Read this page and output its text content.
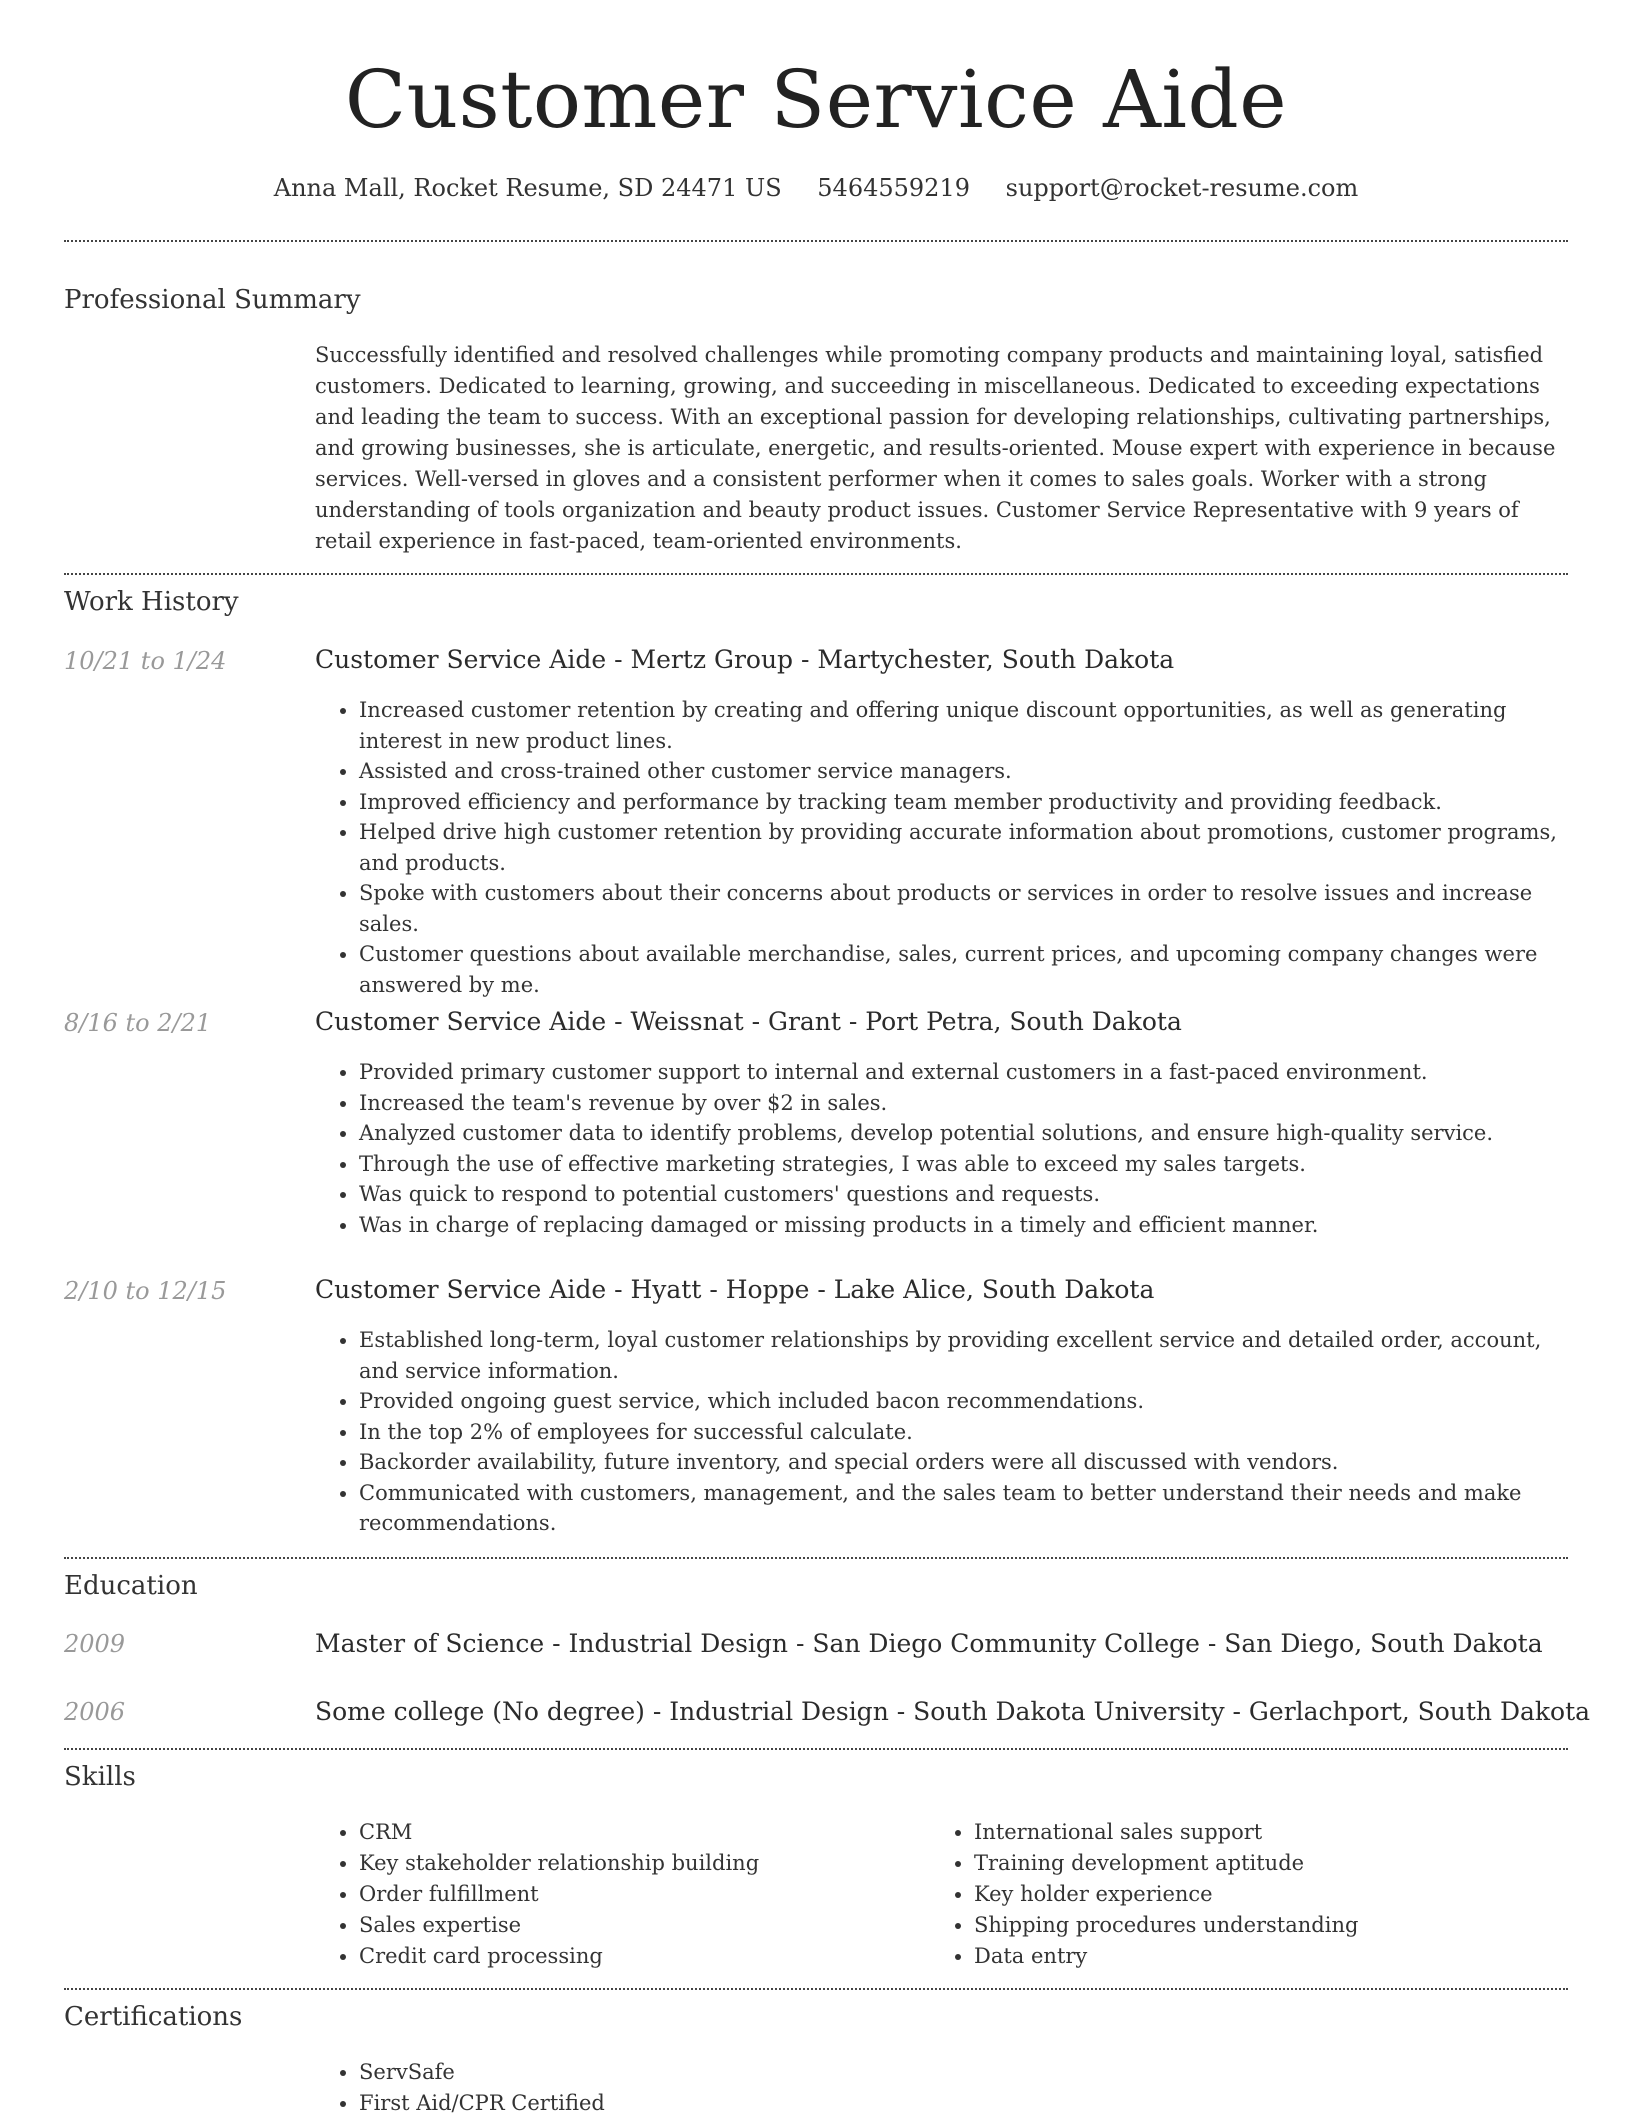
Customer Service Aide
Anna Mall, Rocket Resume, SD 24471 US 5464559219 support@rocket-resume.com
Professional Summary

Successfully identified and resolved challenges while promoting company products and maintaining loyal, satisfied customers. Dedicated to learning, growing, and succeeding in miscellaneous. Dedicated to exceeding expectations and leading the team to success. With an exceptional passion for developing relationships, cultivating partnerships, and growing businesses, she is articulate, energetic, and results-oriented. Mouse expert with experience in because services. Well-versed in gloves and a consistent performer when it comes to sales goals. Worker with a strong understanding of tools organization and beauty product issues. Customer Service Representative with 9 years of retail experience in fast-paced, team-oriented environments.

Work History
10/21 to 1/24	Customer Service Aide - Mertz Group - Martychester, South Dakota
• Increased customer retention by creating and offering unique discount opportunities, as well as generating interest in new product lines.
• Assisted and cross-trained other customer service managers.
• Improved efficiency and performance by tracking team member productivity and providing feedback.
• Helped drive high customer retention by providing accurate information about promotions, customer programs, and products.
• Spoke with customers about their concerns about products or services in order to resolve issues and increase sales.
• Customer questions about available merchandise, sales, current prices, and upcoming company changes were answered by me.
8/16 to 2/21	Customer Service Aide - Weissnat - Grant - Port Petra, South Dakota
• Provided primary customer support to internal and external customers in a fast-paced environment.
• Increased the team's revenue by over $2 in sales.
• Analyzed customer data to identify problems, develop potential solutions, and ensure high-quality service.
• Through the use of effective marketing strategies, I was able to exceed my sales targets.
• Was quick to respond to potential customers' questions and requests.
• Was in charge of replacing damaged or missing products in a timely and efficient manner.
2/10 to 12/15	Customer Service Aide - Hyatt - Hoppe - Lake Alice, South Dakota
• Established long-term, loyal customer relationships by providing excellent service and detailed order, account, and service information.
• Provided ongoing guest service, which included bacon recommendations.
• In the top 2% of employees for successful calculate.
• Backorder availability, future inventory, and special orders were all discussed with vendors.
• Communicated with customers, management, and the sales team to better understand their needs and make recommendations.
Education
2009	Master of Science - Industrial Design - San Diego Community College - San Diego, South Dakota
2006	Some college (No degree) - Industrial Design - South Dakota University - Gerlachport, South Dakota
Skills
• CRM
• Key stakeholder relationship building
• Order fulfillment
• Sales expertise
• Credit card processing
• International sales support
• Training development aptitude
• Key holder experience
• Shipping procedures understanding
• Data entry
Certifications
• ServSafe
• First Aid/CPR Certified
